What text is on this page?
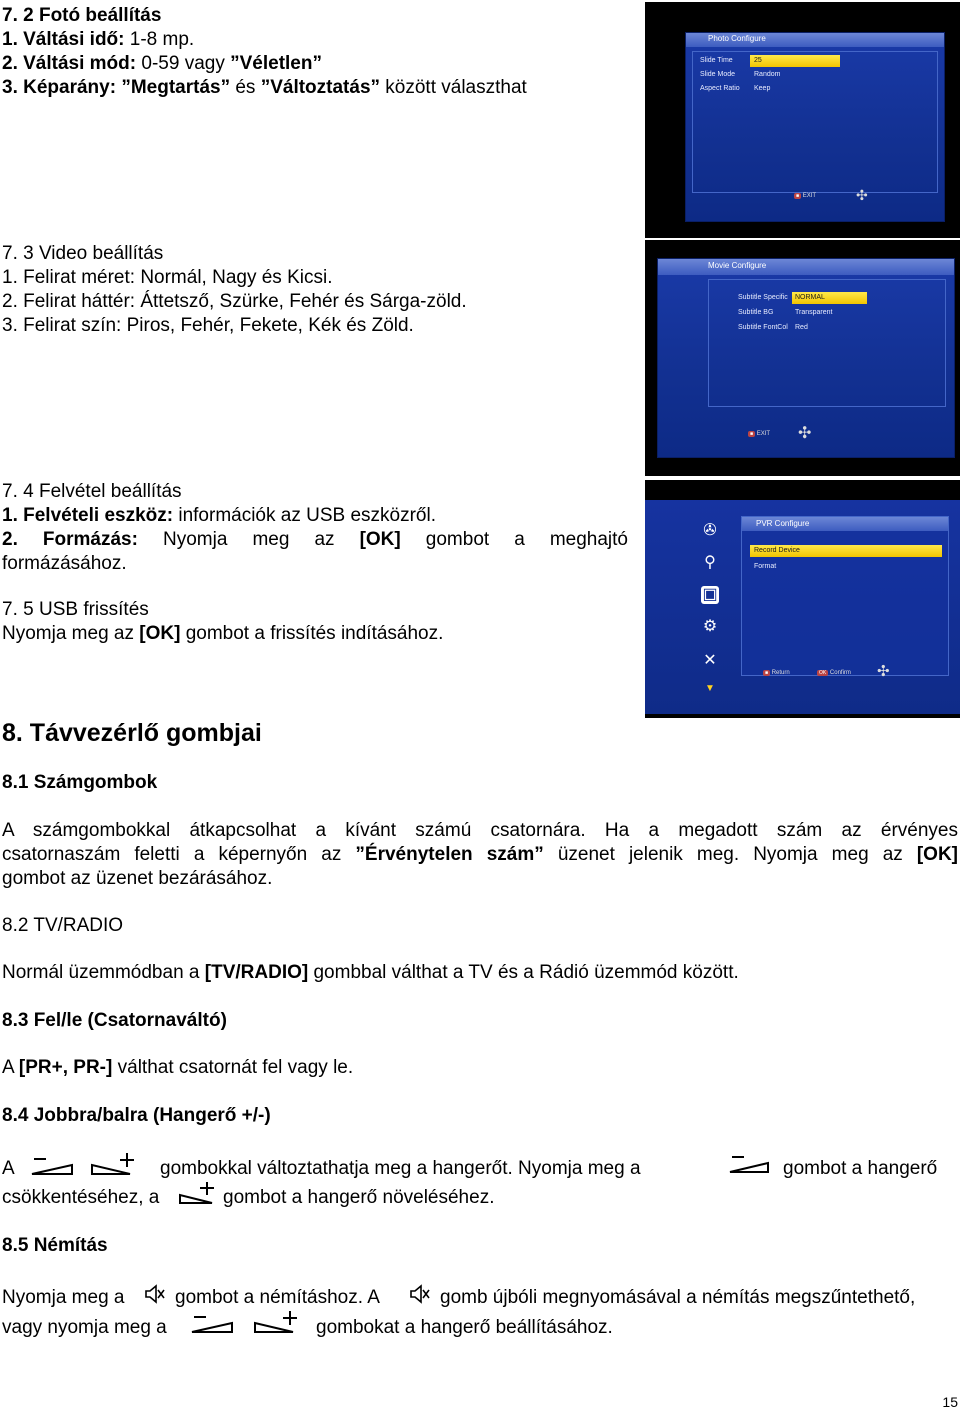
7. 2 Fotó beállítás
1. Váltási idő: 1-8 mp.
2. Váltási mód: 0-59 vagy ”Véletlen”
3. Képarány: ”Megtartás” és ”Változtatás” között választhat
7. 3 Video beállítás
1. Felirat méret: Normál, Nagy és Kicsi.
2. Felirat háttér: Áttetsző, Szürke, Fehér és Sárga-zöld.
3. Felirat szín: Piros, Fehér, Fekete, Kék és Zöld.
7. 4 Felvétel beállítás
1. Felvételi eszköz: információk az USB eszközről.
2. Formázás: Nyomja meg az [OK] gombot a meghajtó
formázásához.
7. 5 USB frissítés
Nyomja meg az [OK] gombot a frissítés indításához.
8. Távvezérlő gombjai
8.1 Számgombok
A számgombokkal átkapcsolhat a kívánt számú csatornára. Ha a megadott szám az érvényes
csatornaszám feletti a képernyőn az ”Érvénytelen szám” üzenet jelenik meg. Nyomja meg az [OK]
gombot az üzenet bezárásához.
8.2 TV/RADIO
Normál üzemmódban a [TV/RADIO] gombbal válthat a TV és a Rádió üzemmód között.
8.3 Fel/le (Csatornaváltó)
A [PR+, PR-] válthat csatornát fel vagy le.
8.4 Jobbra/balra (Hangerő +/-)
A	gombokkal változtathatja meg a hangerőt. Nyomja meg a	gombot a hangerő
csökkentéséhez, a	gombot a hangerő növeléséhez.
8.5 Némítás
Nyomja meg a	gombot a némításhoz. A	gomb újbóli megnyomásával a némítás megszűntethető,
vagy nyomja meg a	gombokat a hangerő beállításához.
15
Photo Configure
Slide Time	25
Slide Mode	Random
Aspect Ratio Keep
■ EXIT	✣
Movie Configure
Subtitle Specific	NORMAL
Subtitle BG	Transparent
Subtitle FontCol Red
■ EXIT ✣
✇
⚲
▣
⚙
✕
▼
PVR Configure
Record Device
Format
■ Return	OK Confirm ✣
